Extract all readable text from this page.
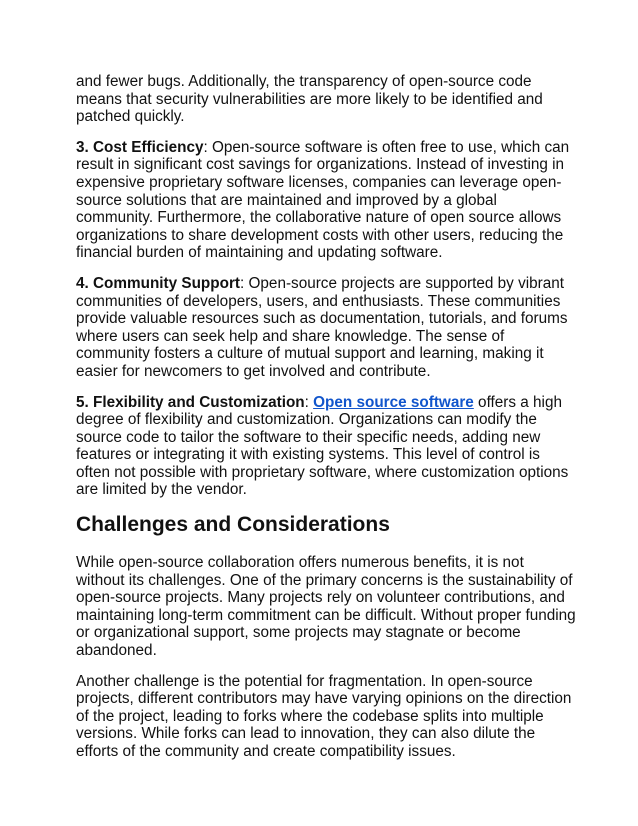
and fewer bugs. Additionally, the transparency of open-source code means that security vulnerabilities are more likely to be identified and patched quickly.

3. Cost Efficiency: Open-source software is often free to use, which can result in significant cost savings for organizations. Instead of investing in expensive proprietary software licenses, companies can leverage open-source solutions that are maintained and improved by a global community. Furthermore, the collaborative nature of open source allows organizations to share development costs with other users, reducing the financial burden of maintaining and updating software.

4. Community Support: Open-source projects are supported by vibrant communities of developers, users, and enthusiasts. These communities provide valuable resources such as documentation, tutorials, and forums where users can seek help and share knowledge. The sense of community fosters a culture of mutual support and learning, making it easier for newcomers to get involved and contribute.

5. Flexibility and Customization: Open source software offers a high degree of flexibility and customization. Organizations can modify the source code to tailor the software to their specific needs, adding new features or integrating it with existing systems. This level of control is often not possible with proprietary software, where customization options are limited by the vendor.

Challenges and Considerations

While open-source collaboration offers numerous benefits, it is not without its challenges. One of the primary concerns is the sustainability of open-source projects. Many projects rely on volunteer contributions, and maintaining long-term commitment can be difficult. Without proper funding or organizational support, some projects may stagnate or become abandoned.

Another challenge is the potential for fragmentation. In open-source projects, different contributors may have varying opinions on the direction of the project, leading to forks where the codebase splits into multiple versions. While forks can lead to innovation, they can also dilute the efforts of the community and create compatibility issues.
